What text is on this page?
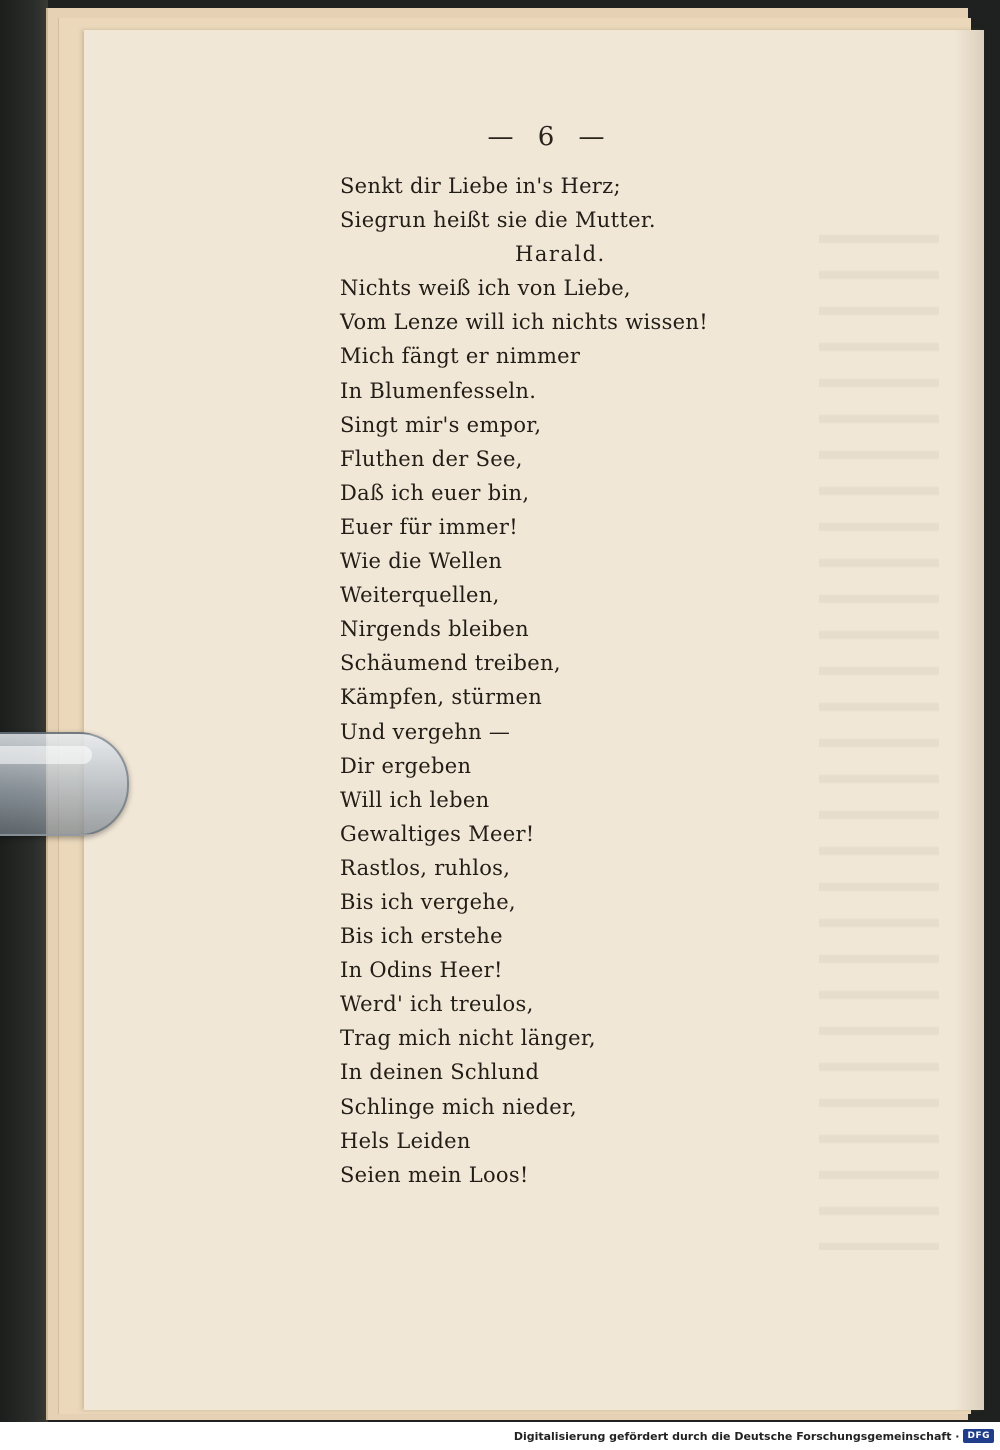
— 6 —
Senkt dir Liebe in's Herz;
Siegrun heißt sie die Mutter.
Harald.
Nichts weiß ich von Liebe,
Vom Lenze will ich nichts wissen!
Mich fängt er nimmer
In Blumenfesseln.
Singt mir's empor,
Fluthen der See,
Daß ich euer bin,
Euer für immer!
Wie die Wellen
Weiterquellen,
Nirgends bleiben
Schäumend treiben,
Kämpfen, stürmen
Und vergehn —
Dir ergeben
Will ich leben
Gewaltiges Meer!
Rastlos, ruhlos,
Bis ich vergehe,
Bis ich erstehe
In Odins Heer!
Werd' ich treulos,
Trag mich nicht länger,
In deinen Schlund
Schlinge mich nieder,
Hels Leiden
Seien mein Loos!
Digitalisierung gefördert durch die Deutsche Forschungsgemeinschaft · DFG
